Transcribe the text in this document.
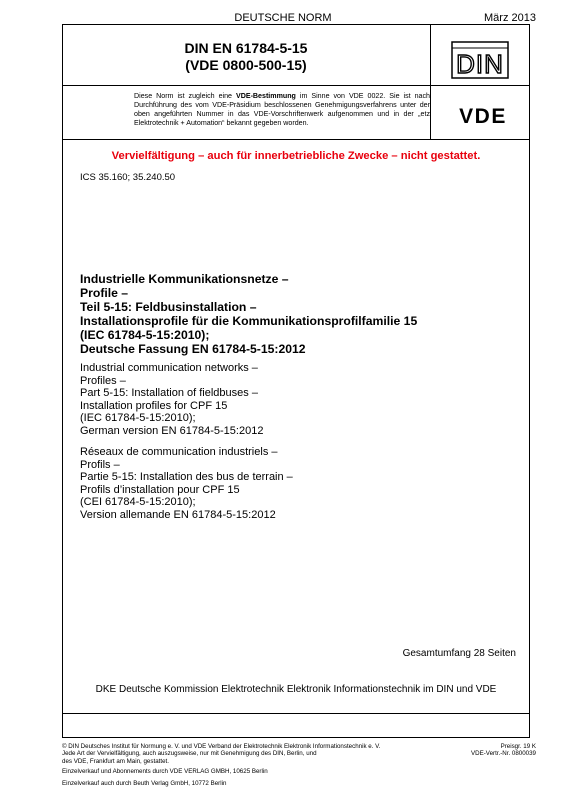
DEUTSCHE NORM	März 2013
DIN EN 61784-5-15
(VDE 0800-500-15)	DIN
VDE
Diese Norm ist zugleich eine VDE-Bestimmung im Sinne von VDE 0022. Sie ist nach Durchführung des vom VDE-Präsidium beschlossenen Genehmigungsverfahrens unter der oben angeführten Nummer in das VDE-Vorschriftenwerk aufgenommen und in der „etz Elektrotechnik + Automation“ bekannt gegeben worden.
Vervielfältigung – auch für innerbetriebliche Zwecke – nicht gestattet.
ICS 35.160; 35.240.50
Industrielle Kommunikationsnetze –
Profile –
Teil 5-15: Feldbusinstallation –
Installationsprofile für die Kommunikationsprofilfamilie 15
(IEC 61784-5-15:2010);
Deutsche Fassung EN 61784-5-15:2012
Industrial communication networks –
Profiles –
Part 5-15: Installation of fieldbuses –
Installation profiles for CPF 15
(IEC 61784-5-15:2010);
German version EN 61784-5-15:2012
Réseaux de communication industriels –
Profils –
Partie 5-15: Installation des bus de terrain –
Profils d’installation pour CPF 15
(CEI 61784-5-15:2010);
Version allemande EN 61784-5-15:2012
Gesamtumfang 28 Seiten
DKE Deutsche Kommission Elektrotechnik Elektronik Informationstechnik im DIN und VDE
© DIN Deutsches Institut für Normung e. V. und VDE Verband der Elektrotechnik Elektronik Informationstechnik e. V.
Jede Art der Vervielfältigung, auch auszugsweise, nur mit Genehmigung des DIN, Berlin, und
des VDE, Frankfurt am Main, gestattet.
Preisgr. 19 K
VDE-Vertr.-Nr. 0800039
Einzelverkauf und Abonnements durch VDE VERLAG GMBH, 10625 Berlin
Einzelverkauf auch durch Beuth Verlag GmbH, 10772 Berlin
